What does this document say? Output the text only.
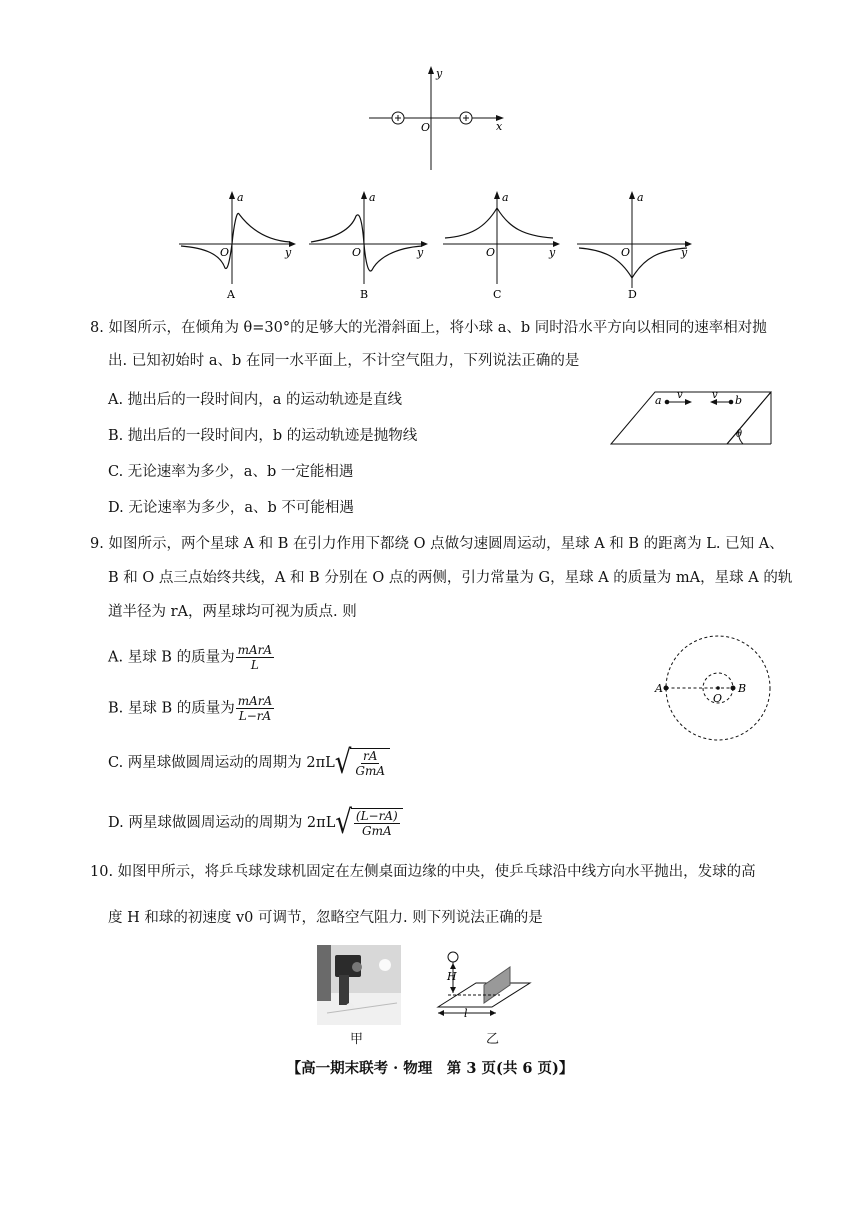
y
x
O
a
y
O
A
a
y
O
B
a
y
O
C
a
y
O
D
8. 如图所示，在倾角为 θ=30°的足够大的光滑斜面上，将小球 a、b 同时沿水平方向以相同的速率相对抛
出. 已知初始时 a、b 在同一水平面上，不计空气阻力，下列说法正确的是
A. 抛出后的一段时间内，a 的运动轨迹是直线
B. 抛出后的一段时间内，b 的运动轨迹是抛物线
C. 无论速率为多少，a、b 一定能相遇
D. 无论速率为多少，a、b 不可能相遇
a v	v b
θ
9. 如图所示，两个星球 A 和 B 在引力作用下都绕 O 点做匀速圆周运动，星球 A 和 B 的距离为 L. 已知 A、
B 和 O 点三点始终共线，A 和 B 分别在 O 点的两侧，引力常量为 G，星球 A 的质量为 mA，星球 A 的轨
道半径为 rA，两星球均可视为质点. 则
A. 星球 B 的质量为 $\frac{\text{mArA}}{L}$
B. 星球 B 的质量为 $\frac{\text{mArA}}{L-rA}$
C. 两星球做圆周运动的周期为 2πL √ $\frac{rA}{\text{GmA}}$
D. 两星球做圆周运动的周期为 2πL √ $\frac{(L-rA)}{\text{GmA}}$
A	B
O
10. 如图甲所示，将乒乓球发球机固定在左侧桌面边缘的中央，使乒乓球沿中线方向水平抛出，发球的高
度 H 和球的初速度 v0 可调节，忽略空气阻力. 则下列说法正确的是
甲
H
l
乙
【高一期末联考 · 物理　第 3 页(共 6 页)】
